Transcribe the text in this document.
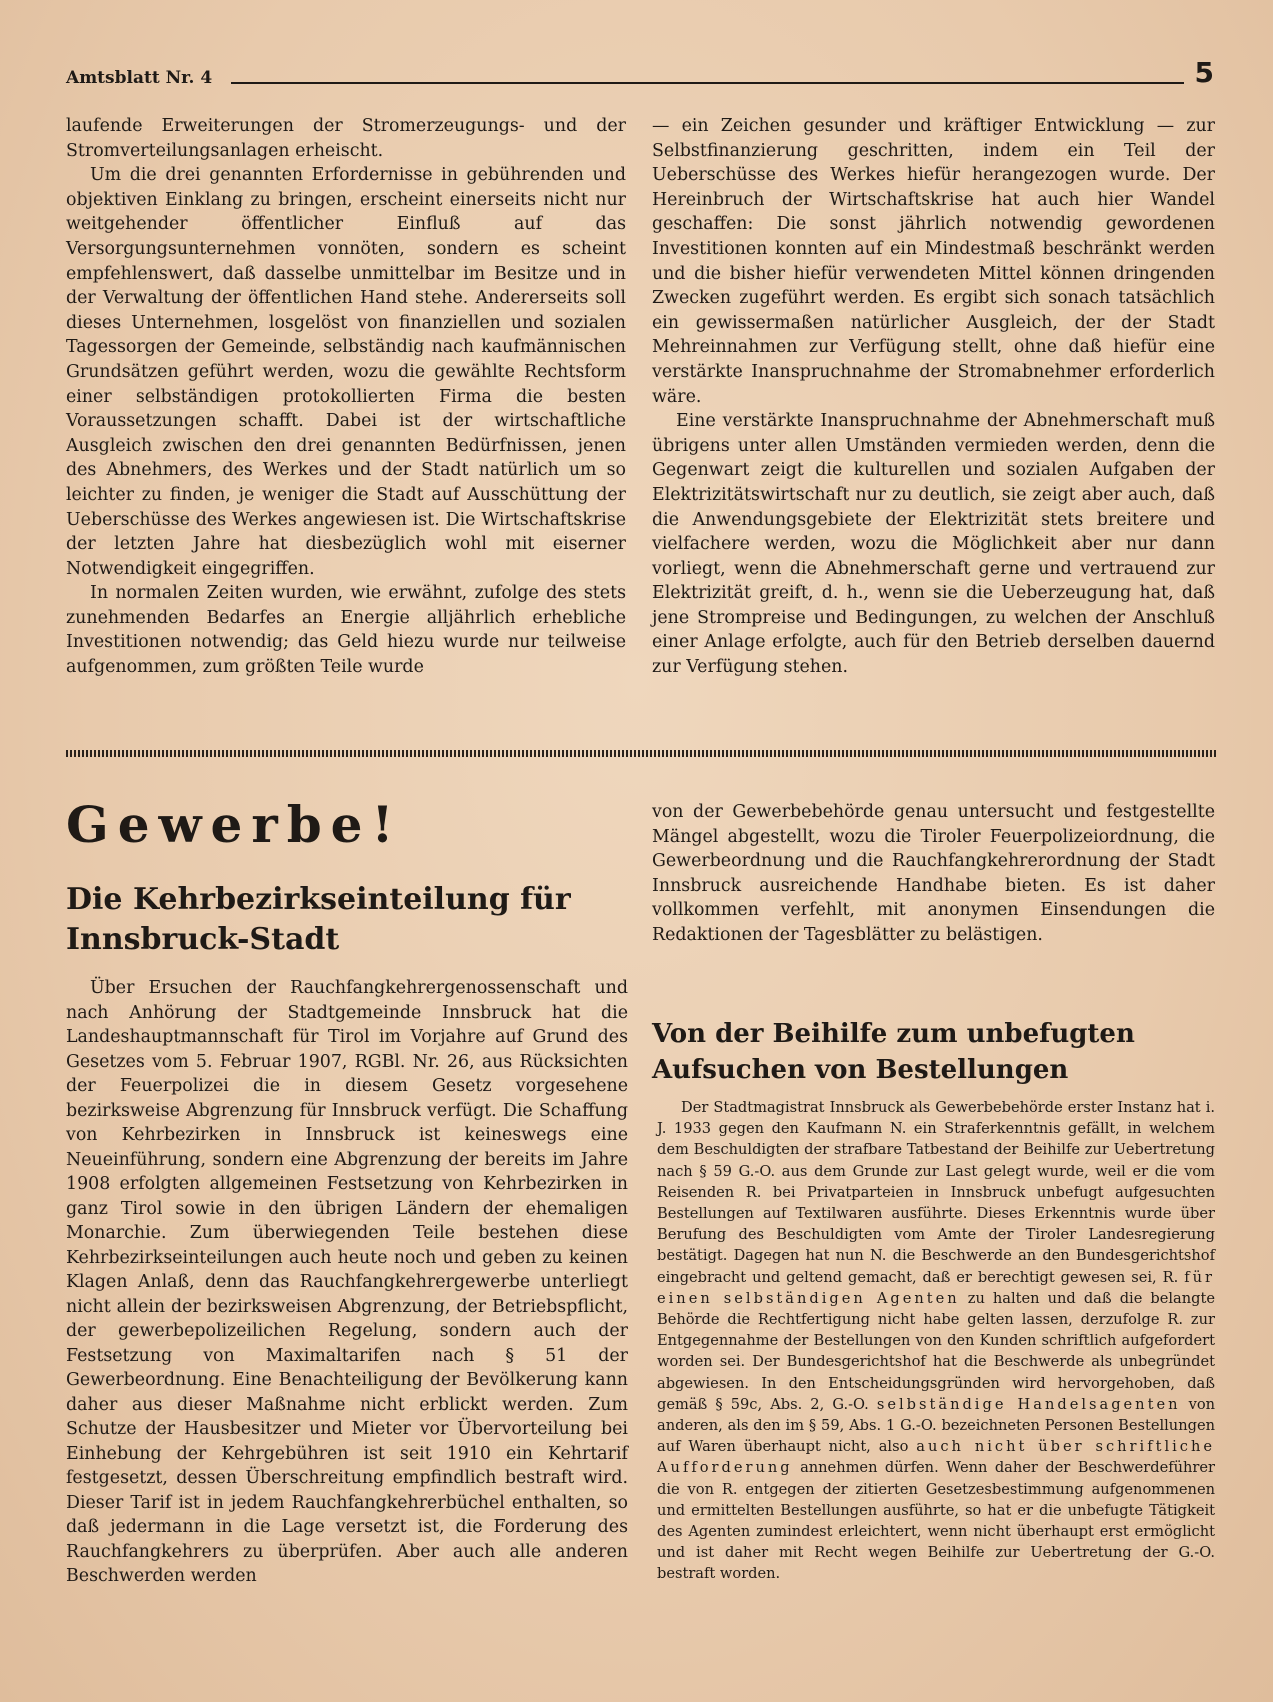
Amtsblatt Nr. 4	5

laufende Erweiterungen der Stromerzeugungs- und der Stromverteilungsanlagen erheischt.

Um die drei genannten Erfordernisse in gebührenden und objektiven Einklang zu bringen, erscheint einerseits nicht nur weitgehender öffentlicher Einfluß auf das Versorgungsunternehmen vonnöten, sondern es scheint empfehlenswert, daß dasselbe unmittelbar im Besitze und in der Verwaltung der öffentlichen Hand stehe. Andererseits soll dieses Unternehmen, losgelöst von finanziellen und sozialen Tagessorgen der Gemeinde, selbständig nach kaufmännischen Grundsätzen geführt werden, wozu die gewählte Rechtsform einer selbständigen protokollierten Firma die besten Voraussetzungen schafft. Dabei ist der wirtschaftliche Ausgleich zwischen den drei genannten Bedürfnissen, jenen des Abnehmers, des Werkes und der Stadt natürlich um so leichter zu finden, je weniger die Stadt auf Ausschüttung der Ueberschüsse des Werkes angewiesen ist. Die Wirtschaftskrise der letzten Jahre hat diesbezüglich wohl mit eiserner Notwendigkeit eingegriffen.

In normalen Zeiten wurden, wie erwähnt, zufolge des stets zunehmenden Bedarfes an Energie alljährlich erhebliche Investitionen notwendig; das Geld hiezu wurde nur teilweise aufgenommen, zum größten Teile wurde

— ein Zeichen gesunder und kräftiger Entwicklung — zur Selbstfinanzierung geschritten, indem ein Teil der Ueberschüsse des Werkes hiefür herangezogen wurde. Der Hereinbruch der Wirtschaftskrise hat auch hier Wandel geschaffen: Die sonst jährlich notwendig gewordenen Investitionen konnten auf ein Mindestmaß beschränkt werden und die bisher hiefür verwendeten Mittel können dringenden Zwecken zugeführt werden. Es ergibt sich sonach tatsächlich ein gewissermaßen natürlicher Ausgleich, der der Stadt Mehreinnahmen zur Verfügung stellt, ohne daß hiefür eine verstärkte Inanspruchnahme der Stromabnehmer erforderlich wäre.

Eine verstärkte Inanspruchnahme der Abnehmerschaft muß übrigens unter allen Umständen vermieden werden, denn die Gegenwart zeigt die kulturellen und sozialen Aufgaben der Elektrizitätswirtschaft nur zu deutlich, sie zeigt aber auch, daß die Anwendungsgebiete der Elektrizität stets breitere und vielfachere werden, wozu die Möglichkeit aber nur dann vorliegt, wenn die Abnehmerschaft gerne und vertrauend zur Elektrizität greift, d. h., wenn sie die Ueberzeugung hat, daß jene Strompreise und Bedingungen, zu welchen der Anschluß einer Anlage erfolgte, auch für den Betrieb derselben dauernd zur Verfügung stehen.

Gewerbe!
Die Kehrbezirkseinteilung für Innsbruck-Stadt

Über Ersuchen der Rauchfangkehrergenossenschaft und nach Anhörung der Stadtgemeinde Innsbruck hat die Landeshauptmannschaft für Tirol im Vorjahre auf Grund des Gesetzes vom 5. Februar 1907, RGBl. Nr. 26, aus Rücksichten der Feuerpolizei die in diesem Gesetz vorgesehene bezirksweise Abgrenzung für Innsbruck verfügt. Die Schaffung von Kehrbezirken in Innsbruck ist keineswegs eine Neueinführung, sondern eine Abgrenzung der bereits im Jahre 1908 erfolgten allgemeinen Festsetzung von Kehrbezirken in ganz Tirol sowie in den übrigen Ländern der ehemaligen Monarchie. Zum überwiegenden Teile bestehen diese Kehrbezirkseinteilungen auch heute noch und geben zu keinen Klagen Anlaß, denn das Rauchfangkehrergewerbe unterliegt nicht allein der bezirksweisen Abgrenzung, der Betriebspflicht, der gewerbepolizeilichen Regelung, sondern auch der Festsetzung von Maximaltarifen nach § 51 der Gewerbeordnung. Eine Benachteiligung der Bevölkerung kann daher aus dieser Maßnahme nicht erblickt werden. Zum Schutze der Hausbesitzer und Mieter vor Übervorteilung bei Einhebung der Kehrgebühren ist seit 1910 ein Kehrtarif festgesetzt, dessen Überschreitung empfindlich bestraft wird. Dieser Tarif ist in jedem Rauchfangkehrerbüchel enthalten, so daß jedermann in die Lage versetzt ist, die Forderung des Rauchfangkehrers zu überprüfen. Aber auch alle anderen Beschwerden werden

von der Gewerbebehörde genau untersucht und festgestellte Mängel abgestellt, wozu die Tiroler Feuerpolizeiordnung, die Gewerbeordnung und die Rauchfangkehrerordnung der Stadt Innsbruck ausreichende Handhabe bieten. Es ist daher vollkommen verfehlt, mit anonymen Einsendungen die Redaktionen der Tagesblätter zu belästigen.

Von der Beihilfe zum unbefugten Aufsuchen von Bestellungen

Der Stadtmagistrat Innsbruck als Gewerbebehörde erster Instanz hat i. J. 1933 gegen den Kaufmann N. ein Straferkenntnis gefällt, in welchem dem Beschuldigten der strafbare Tatbestand der Beihilfe zur Uebertretung nach § 59 G.-O. aus dem Grunde zur Last gelegt wurde, weil er die vom Reisenden R. bei Privatparteien in Innsbruck unbefugt aufgesuchten Bestellungen auf Textilwaren ausführte. Dieses Erkenntnis wurde über Berufung des Beschuldigten vom Amte der Tiroler Landesregierung bestätigt. Dagegen hat nun N. die Beschwerde an den Bundesgerichtshof eingebracht und geltend gemacht, daß er berechtigt gewesen sei, R. für einen selbständigen Agenten zu halten und daß die belangte Behörde die Rechtfertigung nicht habe gelten lassen, derzufolge R. zur Entgegennahme der Bestellungen von den Kunden schriftlich aufgefordert worden sei. Der Bundesgerichtshof hat die Beschwerde als unbegründet abgewiesen. In den Entscheidungsgründen wird hervorgehoben, daß gemäß § 59c, Abs. 2, G.-O. selbständige Handelsagenten von anderen, als den im § 59, Abs. 1 G.-O. bezeichneten Personen Bestellungen auf Waren überhaupt nicht, also auch nicht über schriftliche Aufforderung annehmen dürfen. Wenn daher der Beschwerdeführer die von R. entgegen der zitierten Gesetzesbestimmung aufgenommenen und ermittelten Bestellungen ausführte, so hat er die unbefugte Tätigkeit des Agenten zumindest erleichtert, wenn nicht überhaupt erst ermöglicht und ist daher mit Recht wegen Beihilfe zur Uebertretung der G.-O. bestraft worden.
